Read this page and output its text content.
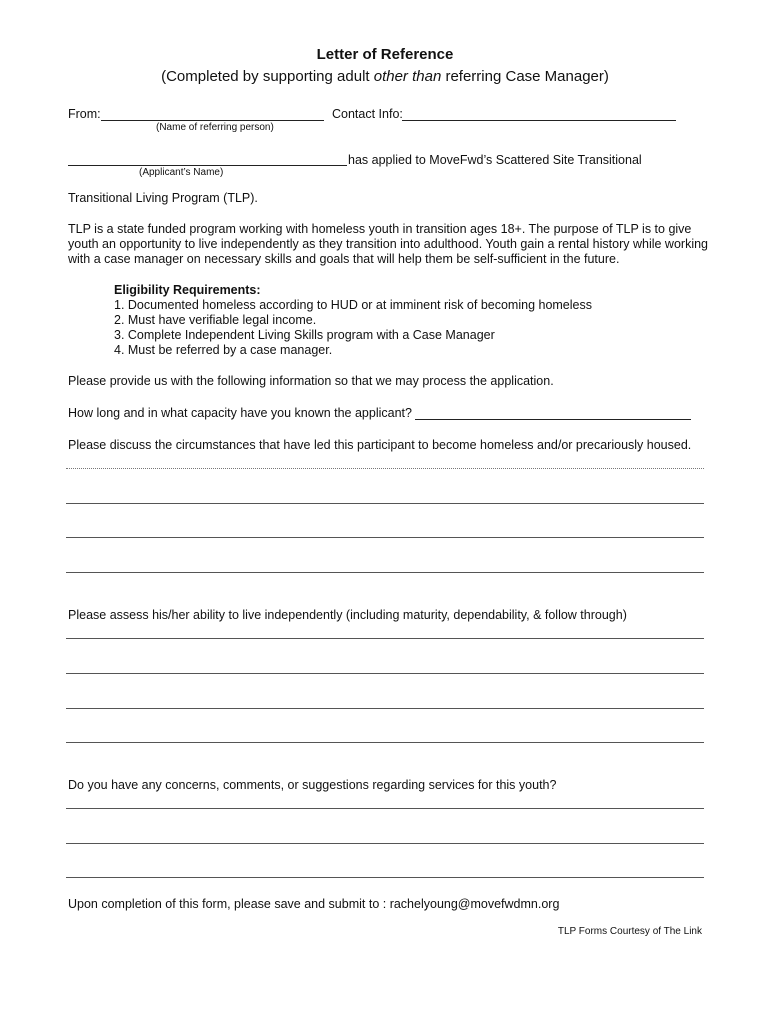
Letter of Reference
(Completed by supporting adult other than referring Case Manager)
From:
(Name of referring person)
Contact Info:
has applied to MoveFwd’s Scattered Site Transitional
(Applicant’s Name)
Transitional Living Program (TLP).
TLP is a state funded program working with homeless youth in transition ages 18+. The purpose of TLP is to give youth an opportunity to live independently as they transition into adulthood. Youth gain a rental history while working with a case manager on necessary skills and goals that will help them be self-sufficient in the future.
Eligibility Requirements:
1. Documented homeless according to HUD or at imminent risk of becoming homeless
2. Must have verifiable legal income.
3. Complete Independent Living Skills program with a Case Manager
4. Must be referred by a case manager.
Please provide us with the following information so that we may process the application.
How long and in what capacity have you known the applicant?
Please discuss the circumstances that have led this participant to become homeless and/or precariously housed.
Please assess his/her ability to live independently (including maturity, dependability, & follow through)
Do you have any concerns, comments, or suggestions regarding services for this youth?
Upon completion of this form, please save and submit to : rachelyoung@movefwdmn.org
TLP Forms Courtesy of The Link
